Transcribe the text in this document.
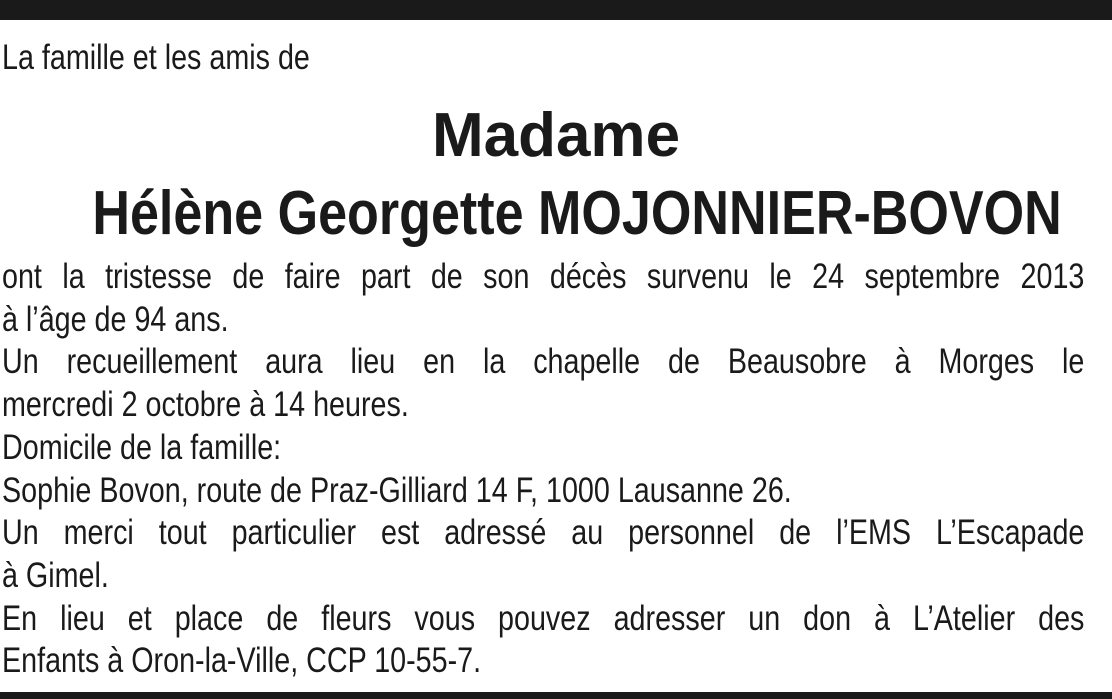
La famille et les amis de
Madame
Hélène Georgette MOJONNIER-BOVON
ont la tristesse de faire part de son décès survenu le 24 septembre 2013
à l’âge de 94 ans.
Un recueillement aura lieu en la chapelle de Beausobre à Morges le
mercredi 2 octobre à 14 heures.
Domicile de la famille:
Sophie Bovon, route de Praz-Gilliard 14 F, 1000 Lausanne 26.
Un merci tout particulier est adressé au personnel de l’EMS L’Escapade
à Gimel.
En lieu et place de fleurs vous pouvez adresser un don à L’Atelier des
Enfants à Oron-la-Ville, CCP 10-55-7.
